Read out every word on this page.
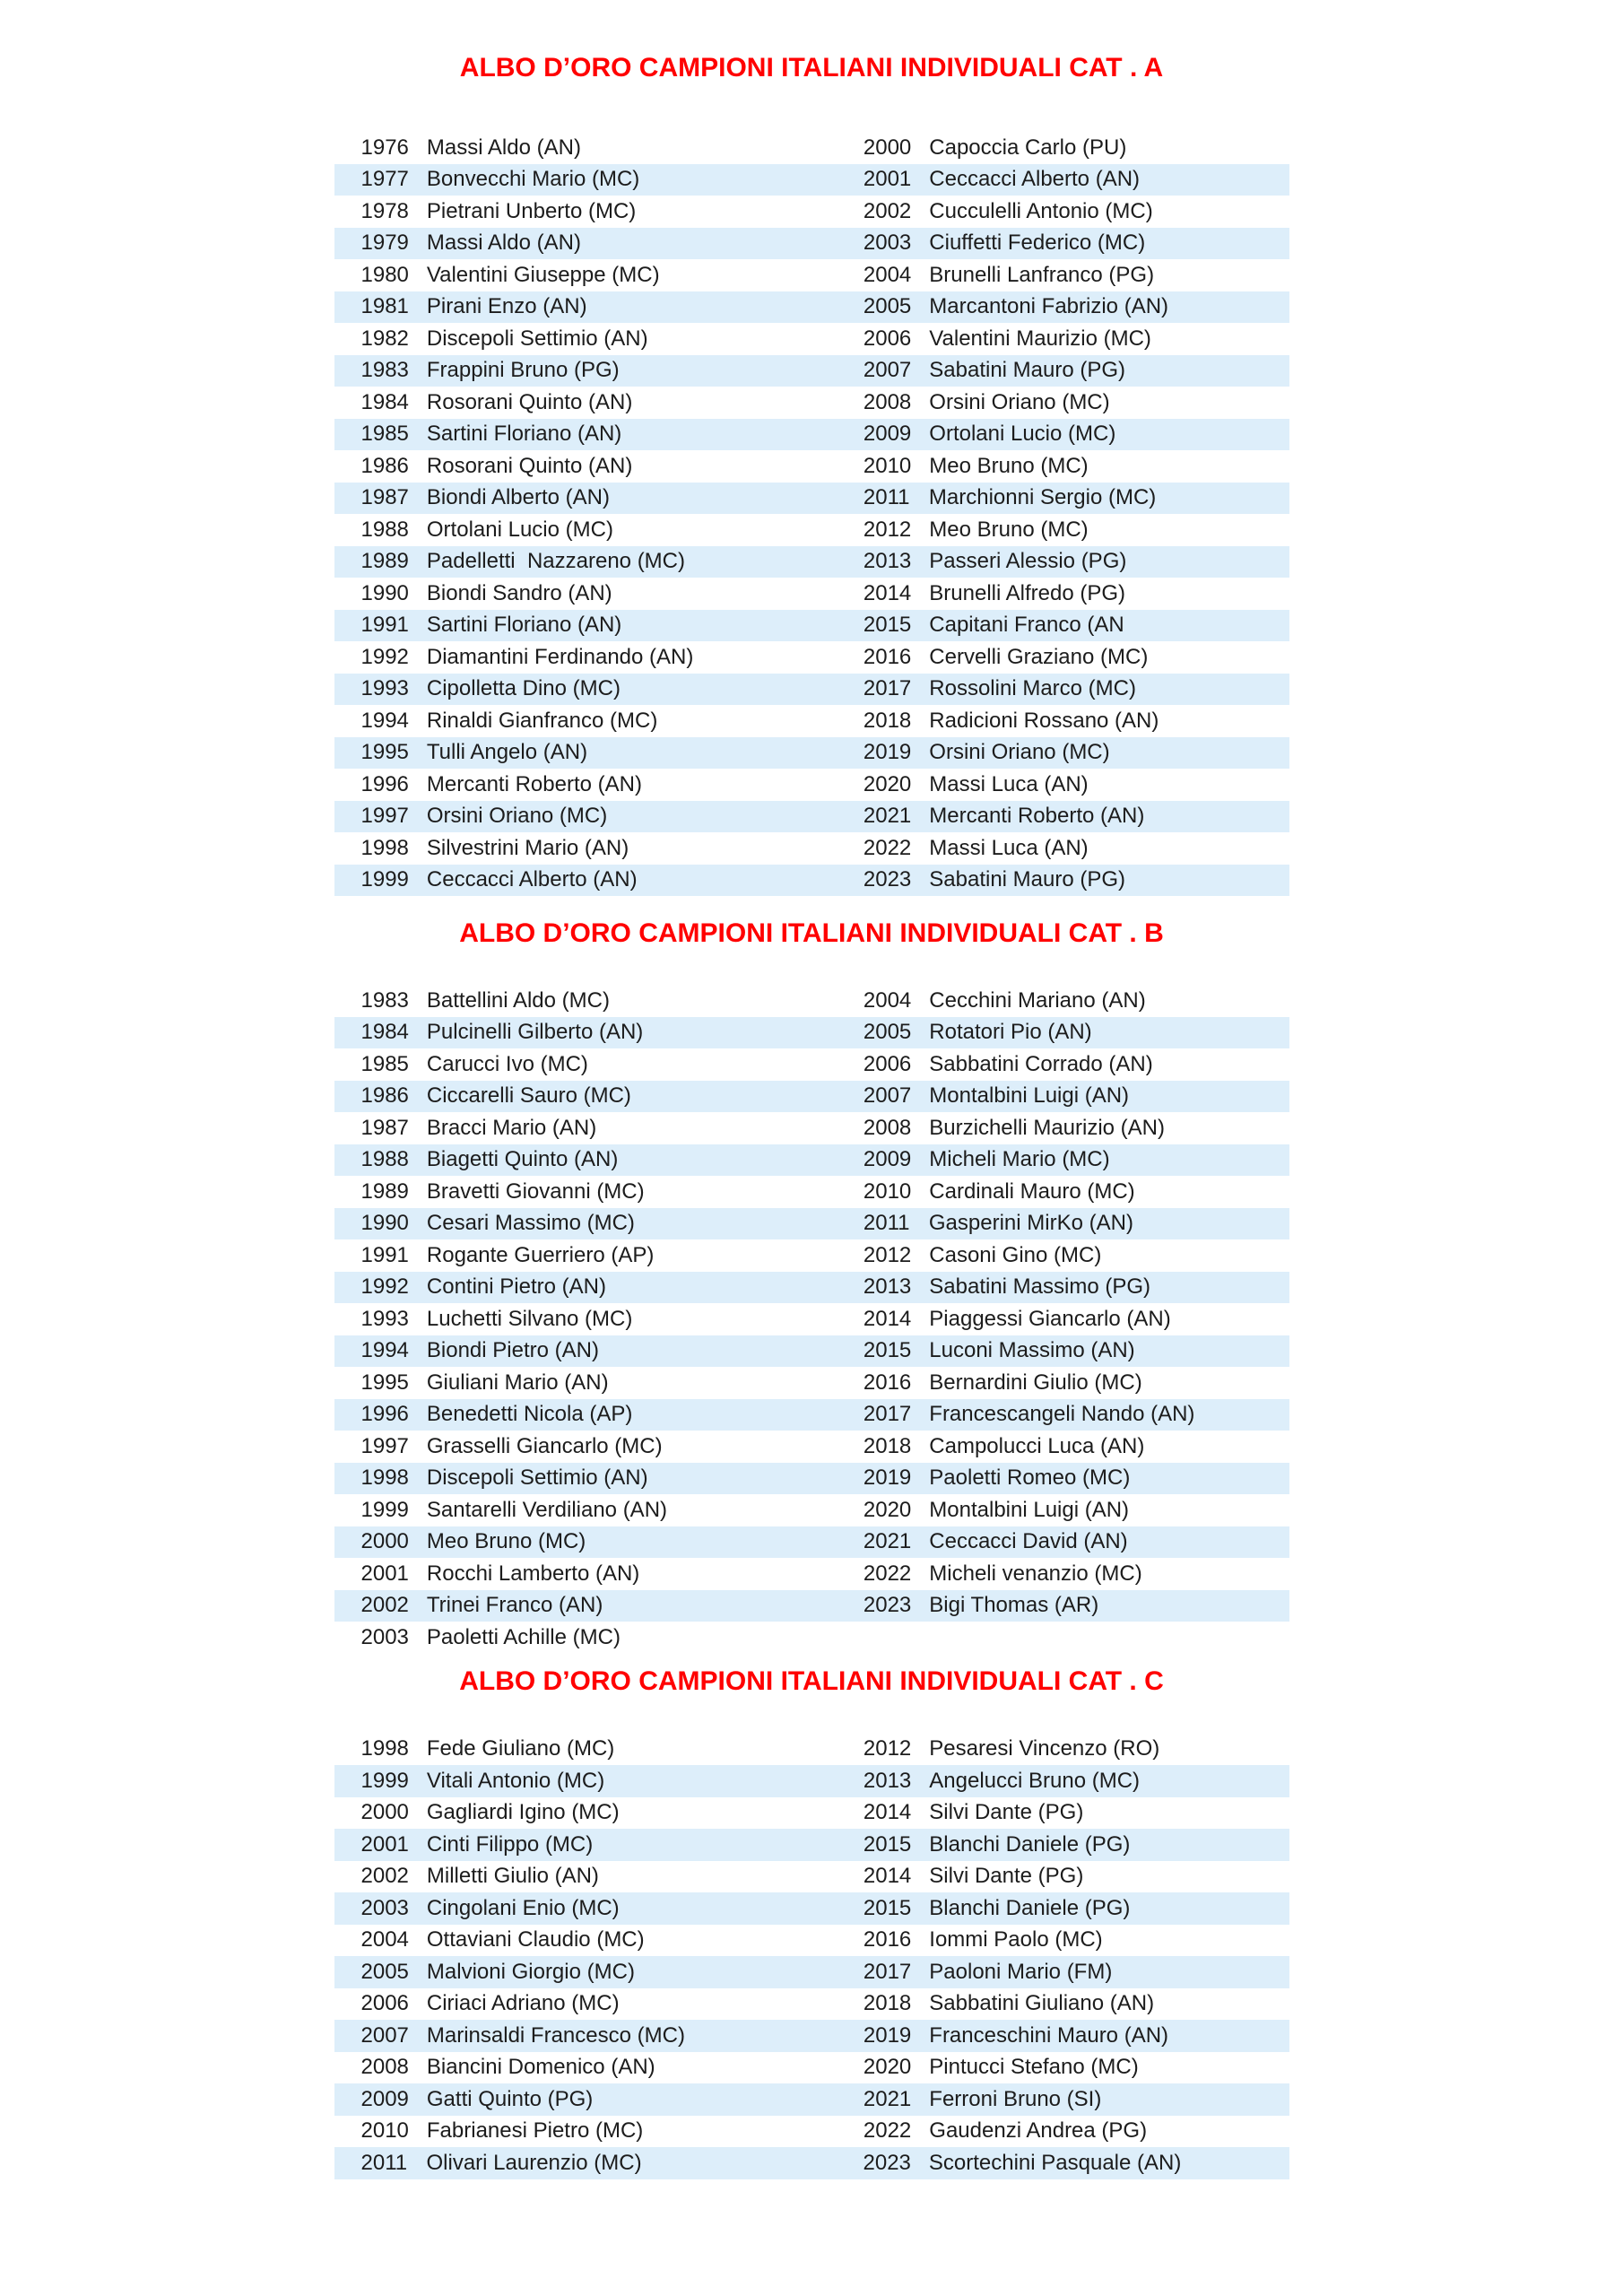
ALBO D’ORO CAMPIONI ITALIANI INDIVIDUALI CAT . A
1976 Massi Aldo (AN)	2000 Capoccia Carlo (PU)
1977 Bonvecchi Mario (MC)	2001 Ceccacci Alberto (AN)
1978 Pietrani Unberto (MC)	2002 Cucculelli Antonio (MC)
1979 Massi Aldo (AN)	2003 Ciuffetti Federico (MC)
1980 Valentini Giuseppe (MC)	2004 Brunelli Lanfranco (PG)
1981 Pirani Enzo (AN)	2005 Marcantoni Fabrizio (AN)
1982 Discepoli Settimio (AN)	2006 Valentini Maurizio (MC)
1983 Frappini Bruno (PG)	2007 Sabatini Mauro (PG)
1984 Rosorani Quinto (AN)	2008 Orsini Oriano (MC)
1985 Sartini Floriano (AN)	2009 Ortolani Lucio (MC)
1986 Rosorani Quinto (AN)	2010 Meo Bruno (MC)
1987 Biondi Alberto (AN)	2011 Marchionni Sergio (MC)
1988 Ortolani Lucio (MC)	2012 Meo Bruno (MC)
1989 Padelletti  Nazzareno (MC)	2013 Passeri Alessio (PG)
1990 Biondi Sandro (AN)	2014 Brunelli Alfredo (PG)
1991 Sartini Floriano (AN)	2015 Capitani Franco (AN
1992 Diamantini Ferdinando (AN)	2016 Cervelli Graziano (MC)
1993 Cipolletta Dino (MC)	2017 Rossolini Marco (MC)
1994 Rinaldi Gianfranco (MC)	2018 Radicioni Rossano (AN)
1995 Tulli Angelo (AN)	2019 Orsini Oriano (MC)
1996 Mercanti Roberto (AN)	2020 Massi Luca (AN)
1997 Orsini Oriano (MC)	2021 Mercanti Roberto (AN)
1998 Silvestrini Mario (AN)	2022 Massi Luca (AN)
1999 Ceccacci Alberto (AN)	2023 Sabatini Mauro (PG)
ALBO D’ORO CAMPIONI ITALIANI INDIVIDUALI CAT . B
1983 Battellini Aldo (MC)	2004 Cecchini Mariano (AN)
1984 Pulcinelli Gilberto (AN)	2005 Rotatori Pio (AN)
1985 Carucci Ivo (MC)	2006 Sabbatini Corrado (AN)
1986 Ciccarelli Sauro (MC)	2007 Montalbini Luigi (AN)
1987 Bracci Mario (AN)	2008 Burzichelli Maurizio (AN)
1988 Biagetti Quinto (AN)	2009 Micheli Mario (MC)
1989 Bravetti Giovanni (MC)	2010 Cardinali Mauro (MC)
1990 Cesari Massimo (MC)	2011 Gasperini MirKo (AN)
1991 Rogante Guerriero (AP)	2012 Casoni Gino (MC)
1992 Contini Pietro (AN)	2013 Sabatini Massimo (PG)
1993 Luchetti Silvano (MC)	2014 Piaggessi Giancarlo (AN)
1994 Biondi Pietro (AN)	2015 Luconi Massimo (AN)
1995 Giuliani Mario (AN)	2016 Bernardini Giulio (MC)
1996 Benedetti Nicola (AP)	2017 Francescangeli Nando (AN)
1997 Grasselli Giancarlo (MC)	2018 Campolucci Luca (AN)
1998 Discepoli Settimio (AN)	2019 Paoletti Romeo (MC)
1999 Santarelli Verdiliano (AN)	2020 Montalbini Luigi (AN)
2000 Meo Bruno (MC)	2021 Ceccacci David (AN)
2001 Rocchi Lamberto (AN)	2022 Micheli venanzio (MC)
2002 Trinei Franco (AN)	2023 Bigi Thomas (AR)
2003 Paoletti Achille (MC)
ALBO D’ORO CAMPIONI ITALIANI INDIVIDUALI CAT . C
1998 Fede Giuliano (MC)	2012 Pesaresi Vincenzo (RO)
1999 Vitali Antonio (MC)	2013 Angelucci Bruno (MC)
2000 Gagliardi Igino (MC)	2014 Silvi Dante (PG)
2001 Cinti Filippo (MC)	2015 Blanchi Daniele (PG)
2002 Milletti Giulio (AN)	2014 Silvi Dante (PG)
2003 Cingolani Enio (MC)	2015 Blanchi Daniele (PG)
2004 Ottaviani Claudio (MC)	2016 Iommi Paolo (MC)
2005 Malvioni Giorgio (MC)	2017 Paoloni Mario (FM)
2006 Ciriaci Adriano (MC)	2018 Sabbatini Giuliano (AN)
2007 Marinsaldi Francesco (MC)	2019 Franceschini Mauro (AN)
2008 Biancini Domenico (AN)	2020 Pintucci Stefano (MC)
2009 Gatti Quinto (PG)	2021 Ferroni Bruno (SI)
2010 Fabrianesi Pietro (MC)	2022 Gaudenzi Andrea (PG)
2011 Olivari Laurenzio (MC)	2023 Scortechini Pasquale (AN)
